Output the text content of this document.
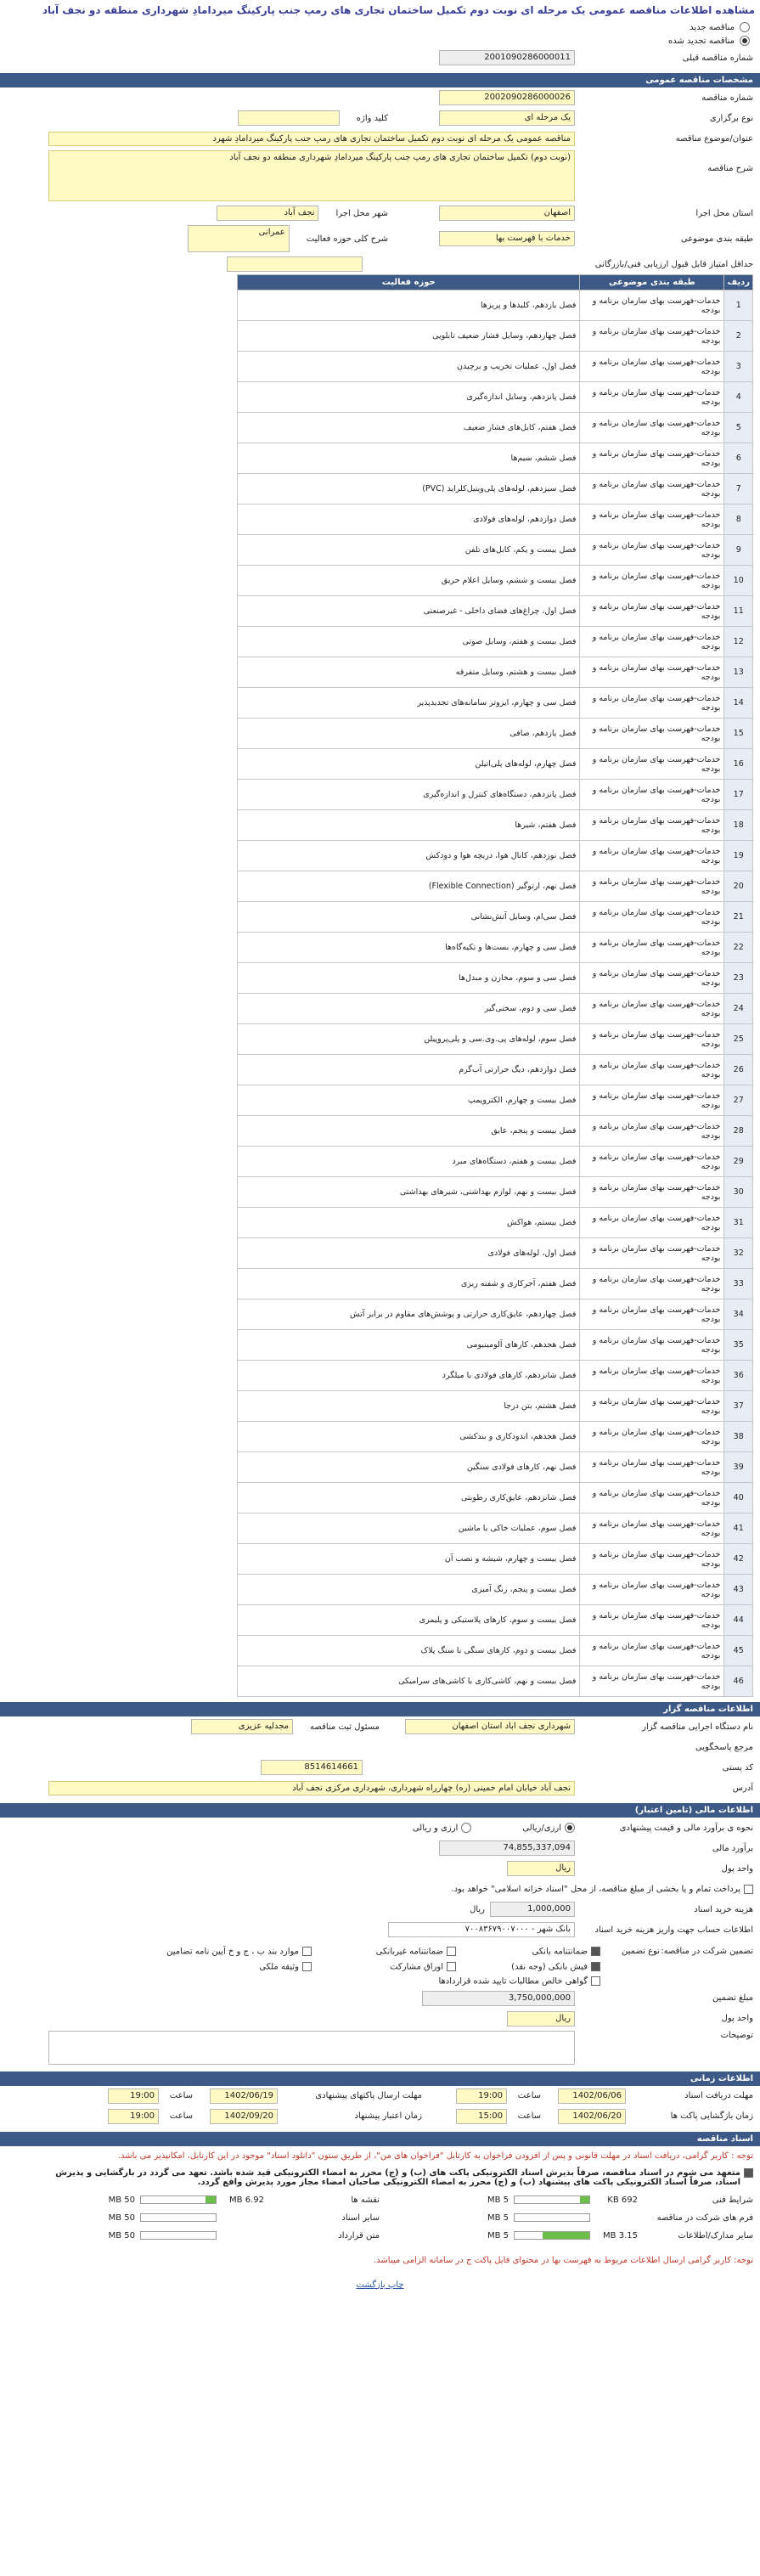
مشاهده اطلاعات مناقصه عمومی یک مرحله ای نوبت دوم تکمیل ساختمان تجاری های رمپ جنب پارکینگ میردامادِ شهرداری منطقه دو نجف آباد
مناقصه جدید
مناقصه تجدید شده
شماره مناقصه قبلی
2001090286000011
مشخصات مناقصه عمومی
شماره مناقصه
2002090286000026
نوع برگزاری
یک مرحله ای
کلید واژه
عنوان/موضوع مناقصه
مناقصه عمومی یک مرحله ای نوبت دوم تکمیل ساختمان تجاری های رمپ جنب پارکینگ میردامادِ شهرد
شرح مناقصه
(نوبت دوم) تکمیل ساختمان تجاری های رمپ جنب پارکینگ میردامادِ شهرداری منطقه دو نجف آباد
استان محل اجرا
اصفهان
شهر محل اجرا
نجف آباد
طبقه بندی موضوعی
خدمات با فهرست بها
شرح کلی حوزه فعالیت
عمرانی
حداقل امتیاز قابل قبول ارزیابی فنی/بازرگانی
ردیف	طبقه بندی موضوعی	حوزه فعالیت
1	خدمات-فهرست بهای سازمان برنامه و بودجه	فصل یازدهم، کلیدها و پریزها
2	خدمات-فهرست بهای سازمان برنامه و بودجه	فصل چهاردهم، وسایل فشار ضعیف تابلویی
3	خدمات-فهرست بهای سازمان برنامه و بودجه	فصل اول، عملیات تخریب و برچیدن
4	خدمات-فهرست بهای سازمان برنامه و بودجه	فصل پانزدهم، وسایل اندازه‌گیری
5	خدمات-فهرست بهای سازمان برنامه و بودجه	فصل هفتم، کابل‌های فشار ضعیف
6	خدمات-فهرست بهای سازمان برنامه و بودجه	فصل ششم، سیم‌ها
7	خدمات-فهرست بهای سازمان برنامه و بودجه	فصل سیزدهم، لوله‌های پلی‌وینیل‌کلراید (PVC)
8	خدمات-فهرست بهای سازمان برنامه و بودجه	فصل دوازدهم، لوله‌های فولادی
9	خدمات-فهرست بهای سازمان برنامه و بودجه	فصل بیست و یکم، کابل‌های تلفن
10	خدمات-فهرست بهای سازمان برنامه و بودجه	فصل بیست و ششم، وسایل اعلام حریق
11	خدمات-فهرست بهای سازمان برنامه و بودجه	فصل اول، چراغ‌های فضای داخلی - غیرصنعتی
12	خدمات-فهرست بهای سازمان برنامه و بودجه	فصل بیست و هفتم، وسایل صوتی
13	خدمات-فهرست بهای سازمان برنامه و بودجه	فصل بیست و هشتم، وسایل متفرقه
14	خدمات-فهرست بهای سازمان برنامه و بودجه	فصل سی و چهارم، ایزوتر سامانه‌های تجدیدپذیر
15	خدمات-فهرست بهای سازمان برنامه و بودجه	فصل یازدهم، صافی
16	خدمات-فهرست بهای سازمان برنامه و بودجه	فصل چهارم، لوله‌های پلی‌اتیلن
17	خدمات-فهرست بهای سازمان برنامه و بودجه	فصل پانزدهم، دستگاه‌های کنترل و اندازه‌گیری
18	خدمات-فهرست بهای سازمان برنامه و بودجه	فصل هفتم، شیرها
19	خدمات-فهرست بهای سازمان برنامه و بودجه	فصل نوزدهم، کانال هوا، دریچه هوا و دودکش
20	خدمات-فهرست بهای سازمان برنامه و بودجه	فصل نهم، ارتوگیر (Flexible Connection)
21	خدمات-فهرست بهای سازمان برنامه و بودجه	فصل سی‌ام، وسایل آتش‌نشانی
22	خدمات-فهرست بهای سازمان برنامه و بودجه	فصل سی و چهارم، بست‌ها و تکیه‌گاه‌ها
23	خدمات-فهرست بهای سازمان برنامه و بودجه	فصل سی و سوم، مخازن و مبدل‌ها
24	خدمات-فهرست بهای سازمان برنامه و بودجه	فصل سی و دوم، سختی‌گیر
25	خدمات-فهرست بهای سازمان برنامه و بودجه	فصل سوم، لوله‌های پی.وی.سی و پلی‌پروپیلن
26	خدمات-فهرست بهای سازمان برنامه و بودجه	فصل دوازدهم، دیگ حرارتی آب‌گرم
27	خدمات-فهرست بهای سازمان برنامه و بودجه	فصل بیست و چهارم، الکتروپمپ
28	خدمات-فهرست بهای سازمان برنامه و بودجه	فصل بیست و پنجم، عایق
29	خدمات-فهرست بهای سازمان برنامه و بودجه	فصل بیست و هفتم، دستگاه‌های مبرد
30	خدمات-فهرست بهای سازمان برنامه و بودجه	فصل بیست و نهم، لوازم بهداشتی، شیرهای بهداشتی
31	خدمات-فهرست بهای سازمان برنامه و بودجه	فصل بیستم، هواکش
32	خدمات-فهرست بهای سازمان برنامه و بودجه	فصل اول، لوله‌های فولادی
33	خدمات-فهرست بهای سازمان برنامه و بودجه	فصل هفتم، آجرکاری و شفته ریزی
34	خدمات-فهرست بهای سازمان برنامه و بودجه	فصل چهاردهم، عایق‌کاری حرارتی و پوشش‌های مقاوم در برابر آتش
35	خدمات-فهرست بهای سازمان برنامه و بودجه	فصل هجدهم، کارهای آلومینیومی
36	خدمات-فهرست بهای سازمان برنامه و بودجه	فصل شانزدهم، کارهای فولادی با میلگرد
37	خدمات-فهرست بهای سازمان برنامه و بودجه	فصل هشتم، بتن درجا
38	خدمات-فهرست بهای سازمان برنامه و بودجه	فصل هجدهم، اندودکاری و بندکشی
39	خدمات-فهرست بهای سازمان برنامه و بودجه	فصل نهم، کارهای فولادی سنگین
40	خدمات-فهرست بهای سازمان برنامه و بودجه	فصل شانزدهم، عایق‌کاری رطوبتی
41	خدمات-فهرست بهای سازمان برنامه و بودجه	فصل سوم، عملیات خاکی با ماشین
42	خدمات-فهرست بهای سازمان برنامه و بودجه	فصل بیست و چهارم، شیشه و نصب آن
43	خدمات-فهرست بهای سازمان برنامه و بودجه	فصل بیست و پنجم، رنگ آمیزی
44	خدمات-فهرست بهای سازمان برنامه و بودجه	فصل بیست و سوم، کارهای پلاستیکی و پلیمری
45	خدمات-فهرست بهای سازمان برنامه و بودجه	فصل بیست و دوم، کارهای سنگی با سنگ پلاک
46	خدمات-فهرست بهای سازمان برنامه و بودجه	فصل بیست و نهم، کاشی‌کاری با کاشی‌های سرامیکی
اطلاعات مناقصه گزار
نام دستگاه اجرایی مناقصه گزار
شهرداری نجف اباد استان اصفهان
مسئول ثبت مناقصه
مجدلیه عزیزی
مرجع پاسخگویی
کد پستی
8514614661
آدرس
نجف آباد خیابان امام خمینی (ره) چهارراه شهرداری، شهرداری مرکزی نجف آباد
اطلاعات مالی (تامین اعتبار)
نحوه ی برآورد مالی و قیمت پیشنهادی
ارزی/ریالی
ارزی و ریالی
برآورد مالی
74,855,337,094
واحد پول
ریال
پرداخت تمام و یا بخشی از مبلغ مناقصه، از محل "اسناد خزانه اسلامی" خواهد بود.
هزینه خرید اسناد
1,000,000
ریال
اطلاعات حساب جهت واریز هزینه خرید اسناد
بانک شهر - ۷۰۰۸۳۶۷۹۰۰۷۰۰۰
تضمین شرکت در مناقصه:
نوع تضمین
ضمانتنامه بانکی
ضمانتنامه غیربانکی
موارد بند ب ، ج و خ آیین نامه تضامین
فیش بانکی (وجه نقد)
اوراق مشارکت
وثیقه ملکی
گواهی خالص مطالبات تایید شده قراردادها
مبلغ تضمین
3,750,000,000
واحد پول
ریال
توضیحات
اطلاعات زمانی
مهلت دریافت اسناد
1402/06/06
ساعت
19:00
مهلت ارسال پاکتهای پیشنهادی
1402/06/19
ساعت
19:00
زمان بازگشایی پاکت ها
1402/06/20
ساعت
15:00
زمان اعتبار پیشنهاد
1402/09/20
ساعت
19:00
اسناد مناقصه
توجه : کاربر گرامی، دریافت اسناد در مهلت قانونی و پس از افزودن فراخوان به کارتابل "فراخوان های من"، از طریق ستون "دانلود اسناد" موجود در این کارتابل، امکانپذیر می باشد.
متعهد می شوم در اسناد مناقصه، صرفاً بذیرش اسناد الکترونیکی پاکت های (ب) و (ج) محرز به امضاء الکترونیکی قید شده باشد. تعهد می گردد در بارگشایی و پذیرش اسناد، صرفاً اسناد الکترونیکی پاکت های پیشنهاد (ب) و (ج) محرز به امضاء الکترونیکی صاحبان امضاء مجاز مورد پذیرش واقع گردد.
شرایط فنی
692 KB
5 MB
نقشه ها
6.92 MB
50 MB
فرم های شرکت در مناقصه
5 MB
سایر اسناد
50 MB
سایر مدارک/اطلاعات
3.15 MB
5 MB
متن قرارداد
50 MB
توجه: کاربر گرامی ارسال اطلاعات مربوط به فهرست بها در محتوای فایل پاکت ج در سامانه الزامی میباشد.
چاپ بازگشت
